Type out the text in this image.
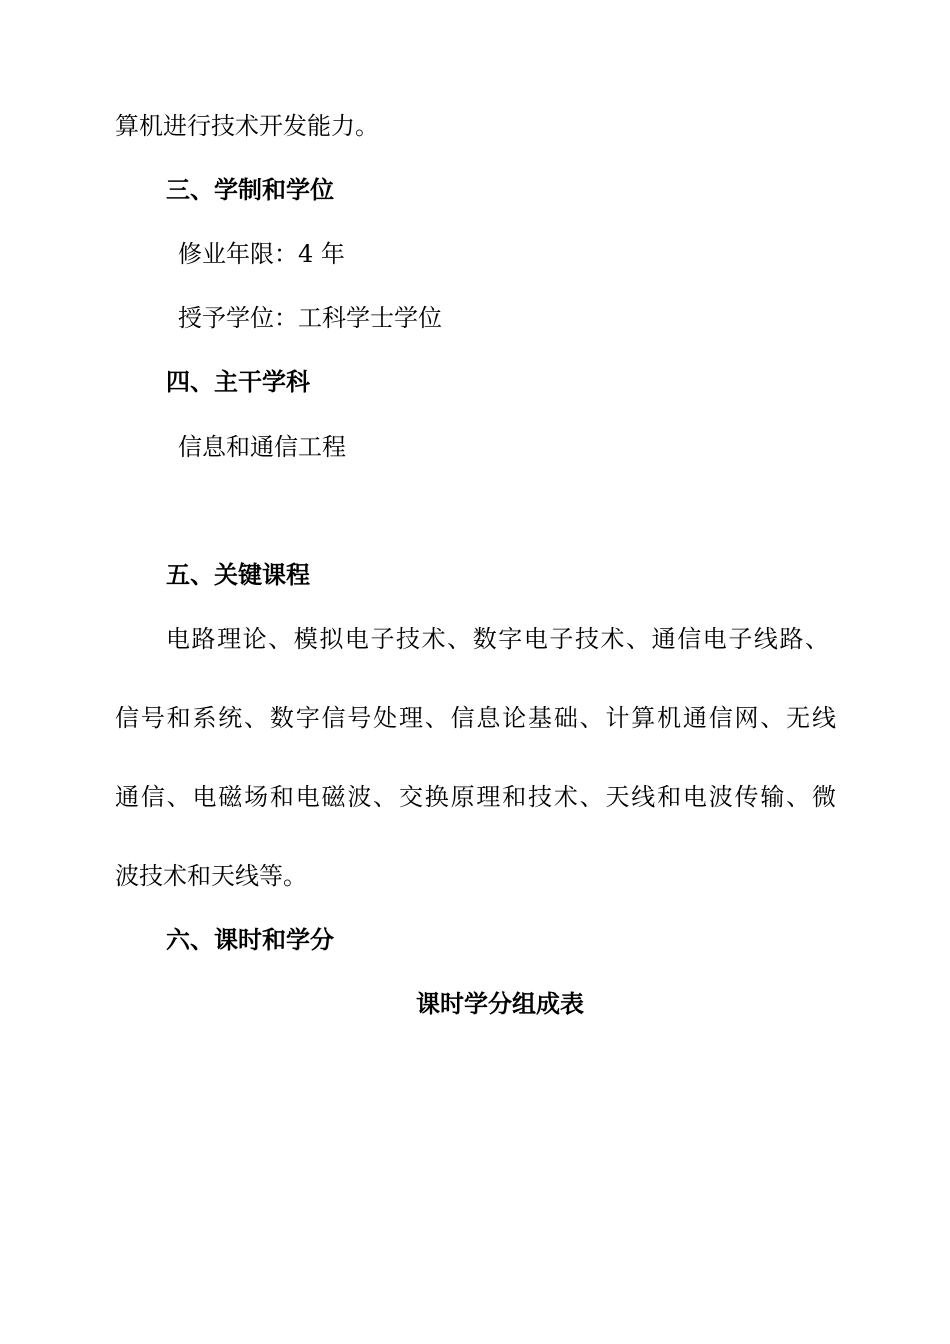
算机进行技术开发能力。
三、学制和学位
修业年限：4 年
授予学位：工科学士学位
四、主干学科
信息和通信工程
五、关键课程
电路理论、模拟电子技术、数字电子技术、通信电子线路、
信号和系统、数字信号处理、信息论基础、计算机通信网、无线
通信、电磁场和电磁波、交换原理和技术、天线和电波传输、微
波技术和天线等。
六、课时和学分
课时学分组成表
